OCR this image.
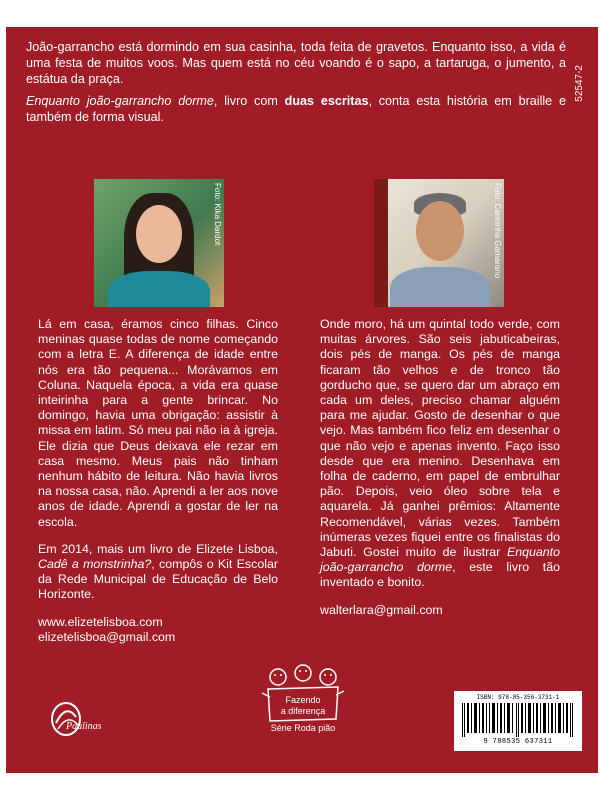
João-garrancho está dormindo em sua casinha, toda feita de gravetos. Enquanto isso, a vida é uma festa de muitos voos. Mas quem está no céu voando é o sapo, a tartaruga, o jumento, a estátua da praça.

Enquanto joão-garrancho dorme, livro com duas escritas, conta esta história em braille e também de forma visual.

52547-2
Foto: Kika Dardot	Foto: Carminha Gamarano

Lá em casa, éramos cinco filhas. Cinco meninas quase todas de nome começando com a letra E. A diferença de idade entre nós era tão pequena... Morávamos em Coluna. Naquela época, a vida era quase inteirinha para a gente brincar. No domingo, havia uma obrigação: assistir à missa em latim. Só meu pai não ia à igreja. Ele dizia que Deus deixava ele rezar em casa mesmo. Meus pais não tinham nenhum hábito de leitura. Não havia livros na nossa casa, não. Aprendi a ler aos nove anos de idade. Aprendi a gostar de ler na escola.

Em 2014, mais um livro de Elizete Lisboa, Cadê a monstrinha?, compôs o Kit Escolar da Rede Municipal de Educação de Belo Horizonte.

www.elizetelisboa.com
elizetelisboa@gmail.com

Onde moro, há um quintal todo verde, com muitas árvores. São seis jabuticabeiras, dois pés de manga. Os pés de manga ficaram tão velhos e de tronco tão gorducho que, se quero dar um abraço em cada um deles, preciso chamar alguém para me ajudar. Gosto de desenhar o que vejo. Mas também fico feliz em desenhar o que não vejo e apenas invento. Faço isso desde que era menino. Desenhava em folha de caderno, em papel de embrulhar pão. Depois, veio óleo sobre tela e aquarela. Já ganhei prêmios: Altamente Recomendável, várias vezes. Também inúmeras vezes fiquei entre os finalistas do Jabuti. Gostei muito de ilustrar Enquanto joão-garrancho dorme, este livro tão inventado e bonito.

walterlara@gmail.com
Paulinas
Fazendo
a diferença
Série Roda pião
ISBN: 978-85-356-3731-1
9 788535 637311
